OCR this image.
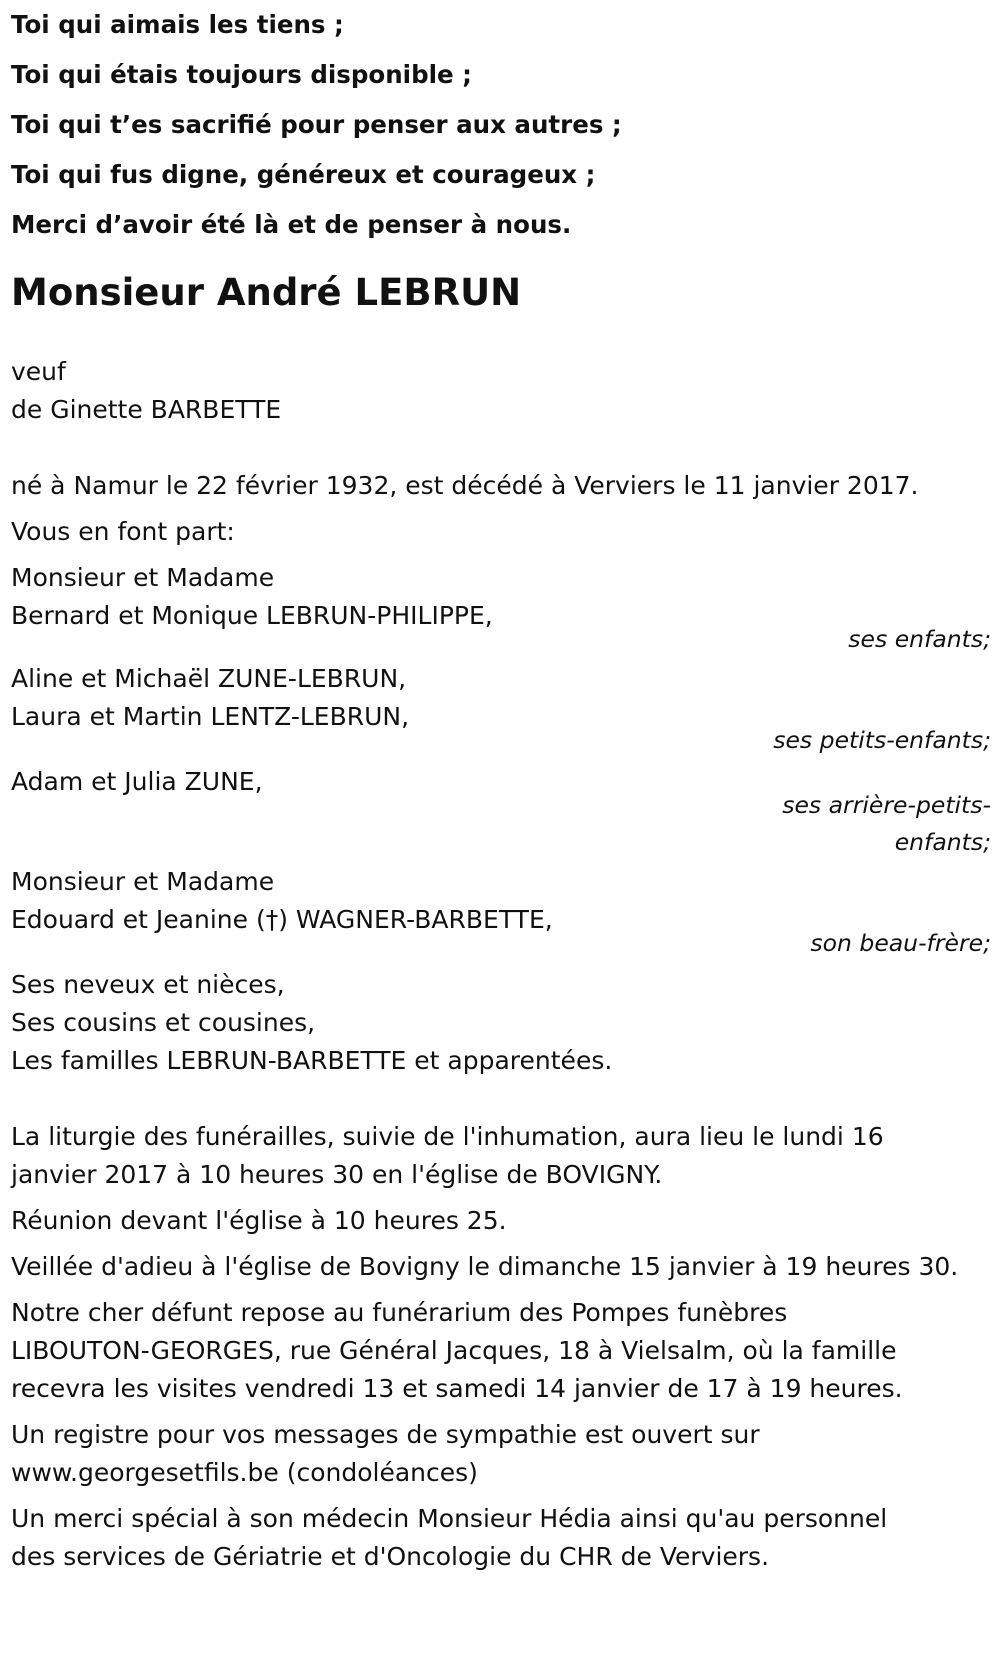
Toi qui aimais les tiens ;
Toi qui étais toujours disponible ;
Toi qui t’es sacrifié pour penser aux autres ;
Toi qui fus digne, généreux et courageux ;
Merci d’avoir été là et de penser à nous.
Monsieur André LEBRUN
veuf
de Ginette BARBETTE
né à Namur le 22 février 1932, est décédé à Verviers le 11 janvier 2017.
Vous en font part:
Monsieur et Madame
Bernard et Monique LEBRUN-PHILIPPE,
ses enfants;
Aline et Michaël ZUNE-LEBRUN,
Laura et Martin LENTZ-LEBRUN,
ses petits-enfants;
Adam et Julia ZUNE,
ses arrière-petits-
enfants;
Monsieur et Madame
Edouard et Jeanine (†) WAGNER-BARBETTE,
son beau-frère;
Ses neveux et nièces,
Ses cousins et cousines,
Les familles LEBRUN-BARBETTE et apparentées.
La liturgie des funérailles, suivie de l'inhumation, aura lieu le lundi 16
janvier 2017 à 10 heures 30 en l'église de BOVIGNY.
Réunion devant l'église à 10 heures 25.
Veillée d'adieu à l'église de Bovigny le dimanche 15 janvier à 19 heures 30.
Notre cher défunt repose au funérarium des Pompes funèbres
LIBOUTON-GEORGES, rue Général Jacques, 18 à Vielsalm, où la famille
recevra les visites vendredi 13 et samedi 14 janvier de 17 à 19 heures.
Un registre pour vos messages de sympathie est ouvert sur
www.georgesetfils.be (condoléances)
Un merci spécial à son médecin Monsieur Hédia ainsi qu'au personnel
des services de Gériatrie et d'Oncologie du CHR de Verviers.
